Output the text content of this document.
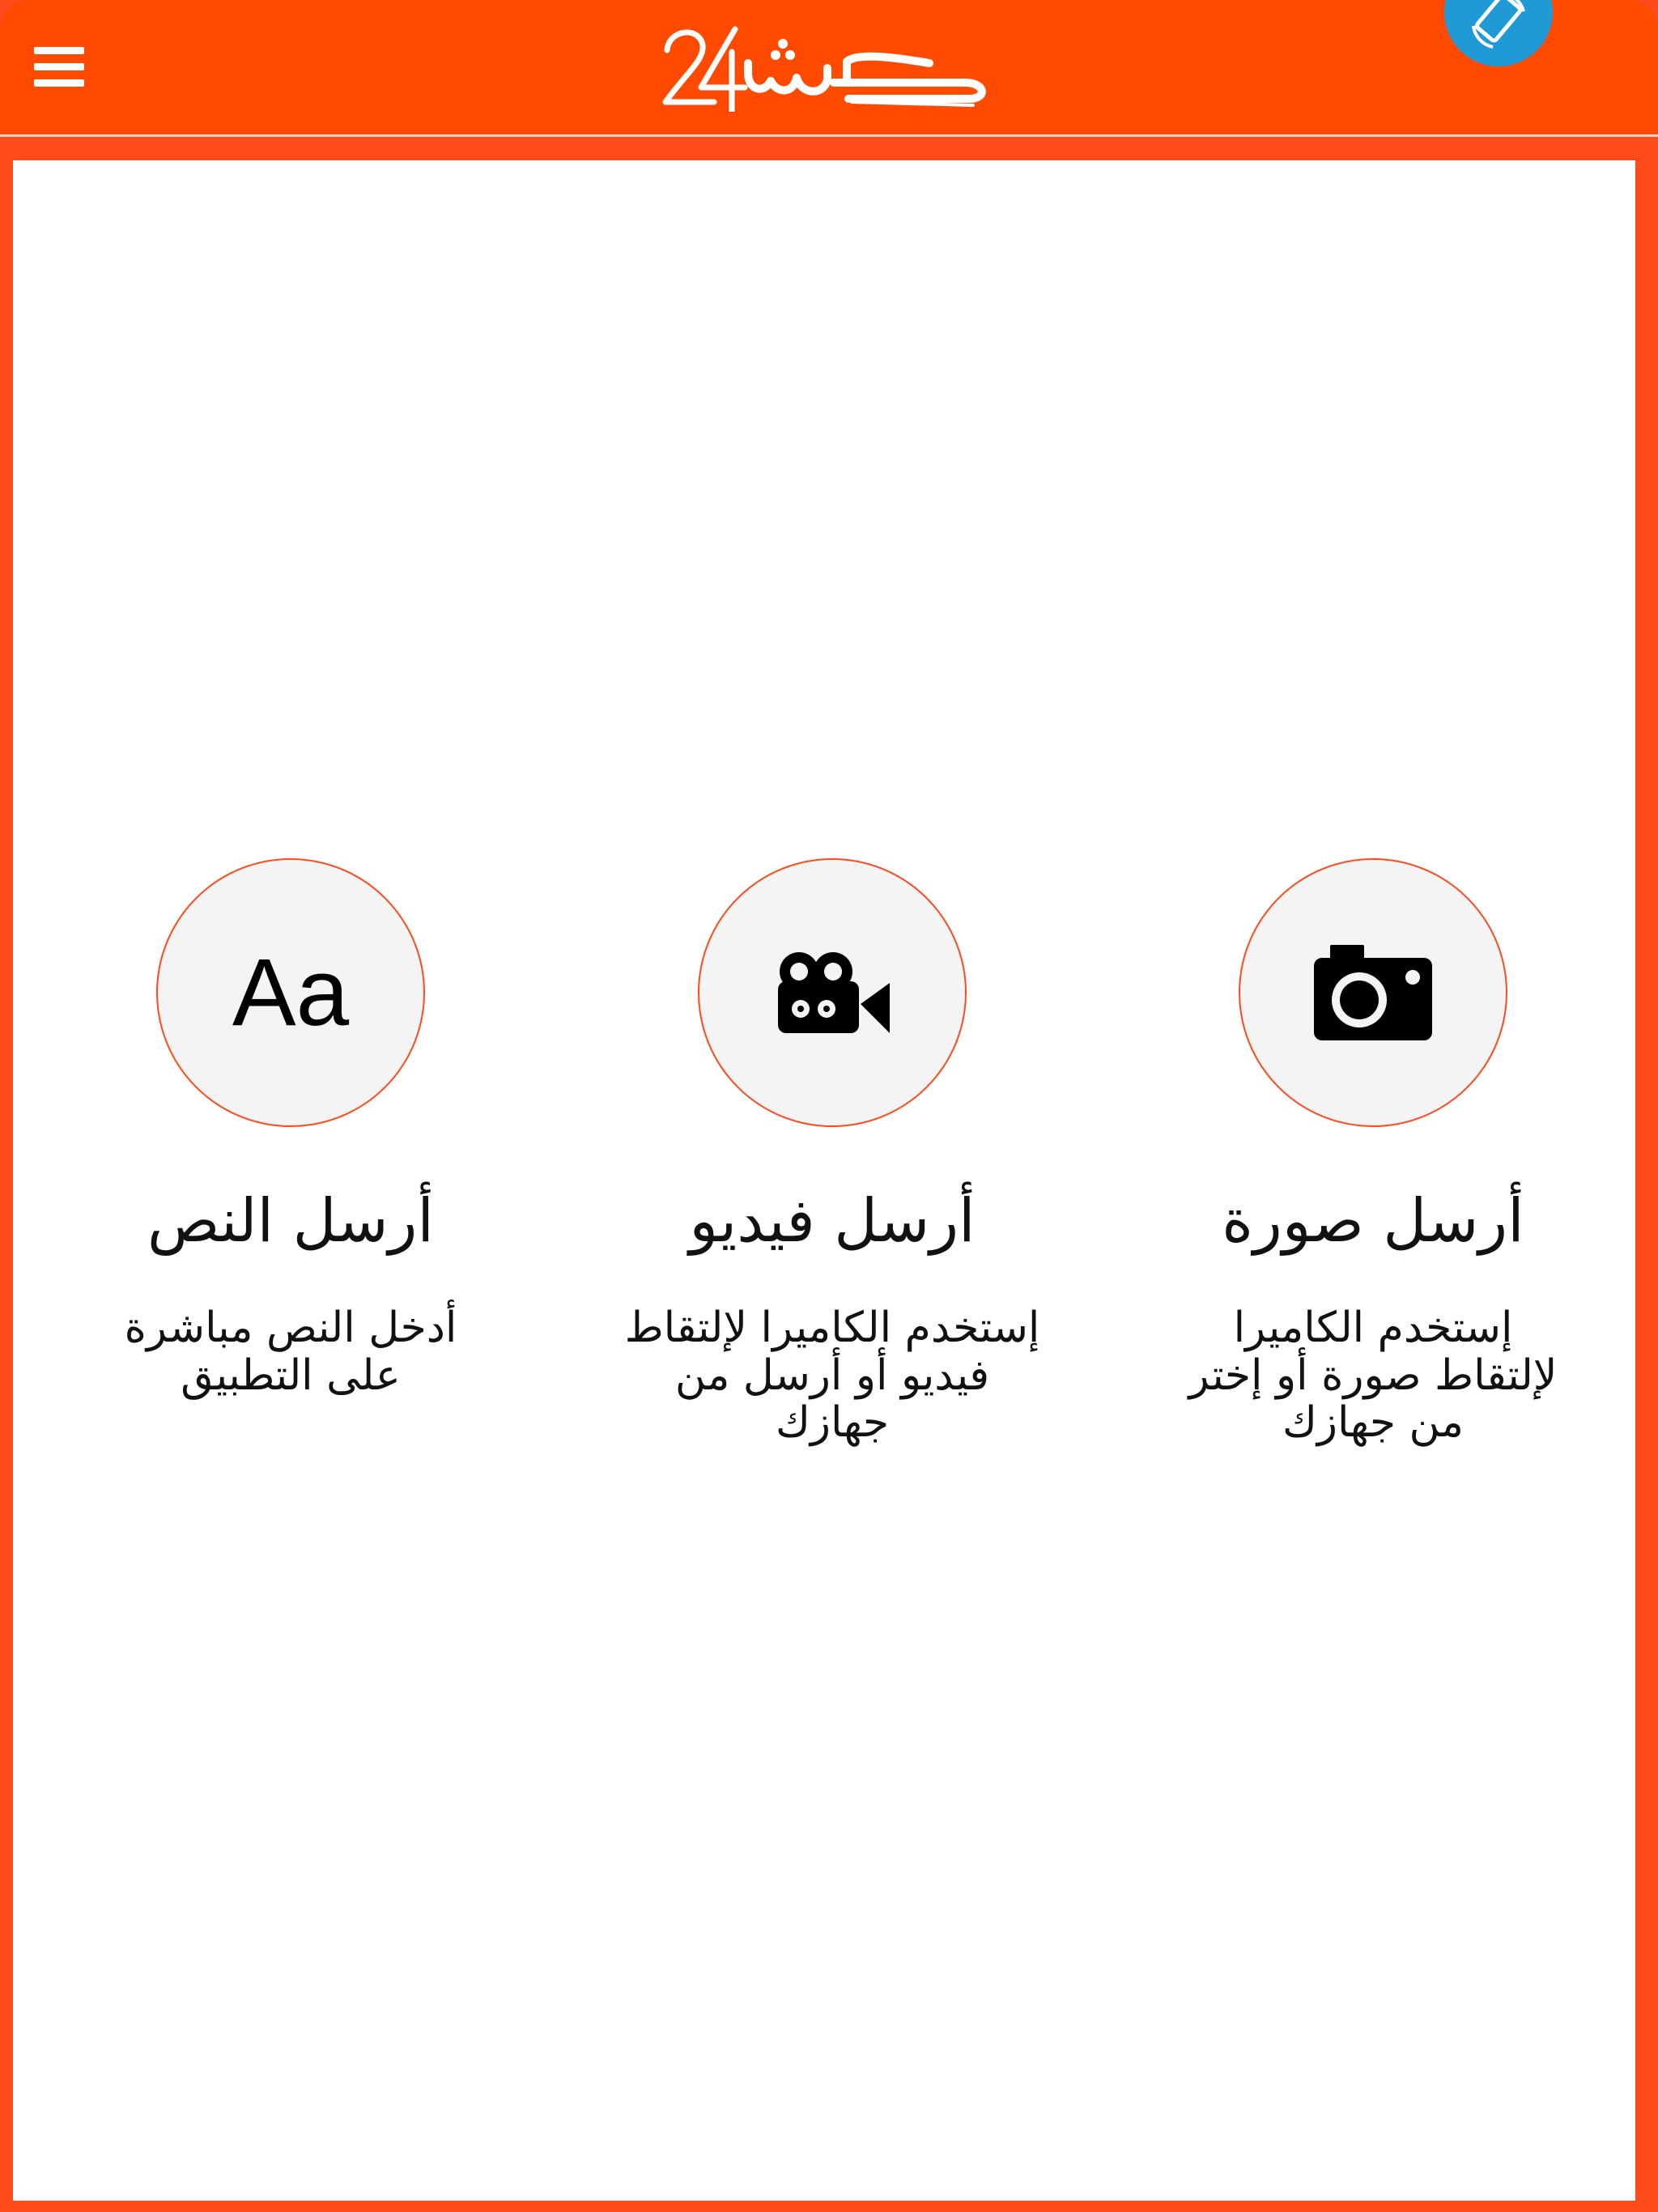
Aa
أرسل النص
أدخل النص مباشرة على التطبيق
أرسل فيديو
إستخدم الكاميرا لإلتقاط فيديو أو أرسل من جهازك
أرسل صورة
إستخدم الكاميرا لإلتقاط صورة أو إختر من جهازك
